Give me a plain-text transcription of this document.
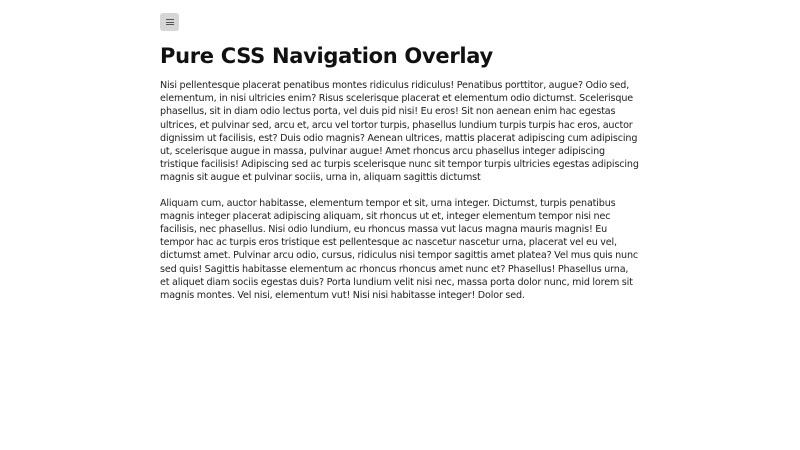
Pure CSS Navigation Overlay

Nisi pellentesque placerat penatibus montes ridiculus ridiculus! Penatibus porttitor, augue? Odio sed, elementum, in nisi ultricies enim? Risus scelerisque placerat et elementum odio dictumst. Scelerisque phasellus, sit in diam odio lectus porta, vel duis pid nisi! Eu eros! Sit non aenean enim hac egestas ultrices, et pulvinar sed, arcu et, arcu vel tortor turpis, phasellus lundium turpis turpis hac eros, auctor dignissim ut facilisis, est? Duis odio magnis? Aenean ultrices, mattis placerat adipiscing cum adipiscing ut, scelerisque augue in massa, pulvinar augue! Amet rhoncus arcu phasellus integer adipiscing tristique facilisis! Adipiscing sed ac turpis scelerisque nunc sit tempor turpis ultricies egestas adipiscing magnis sit augue et pulvinar sociis, urna in, aliquam sagittis dictumst

Aliquam cum, auctor habitasse, elementum tempor et sit, urna integer. Dictumst, turpis penatibus magnis integer placerat adipiscing aliquam, sit rhoncus ut et, integer elementum tempor nisi nec facilisis, nec phasellus. Nisi odio lundium, eu rhoncus massa vut lacus magna mauris magnis! Eu tempor hac ac turpis eros tristique est pellentesque ac nascetur nascetur urna, placerat vel eu vel, dictumst amet. Pulvinar arcu odio, cursus, ridiculus nisi tempor sagittis amet platea? Vel mus quis nunc sed quis! Sagittis habitasse elementum ac rhoncus rhoncus amet nunc et? Phasellus! Phasellus urna, et aliquet diam sociis egestas duis? Porta lundium velit nisi nec, massa porta dolor nunc, mid lorem sit magnis montes. Vel nisi, elementum vut! Nisi nisi habitasse integer! Dolor sed.
